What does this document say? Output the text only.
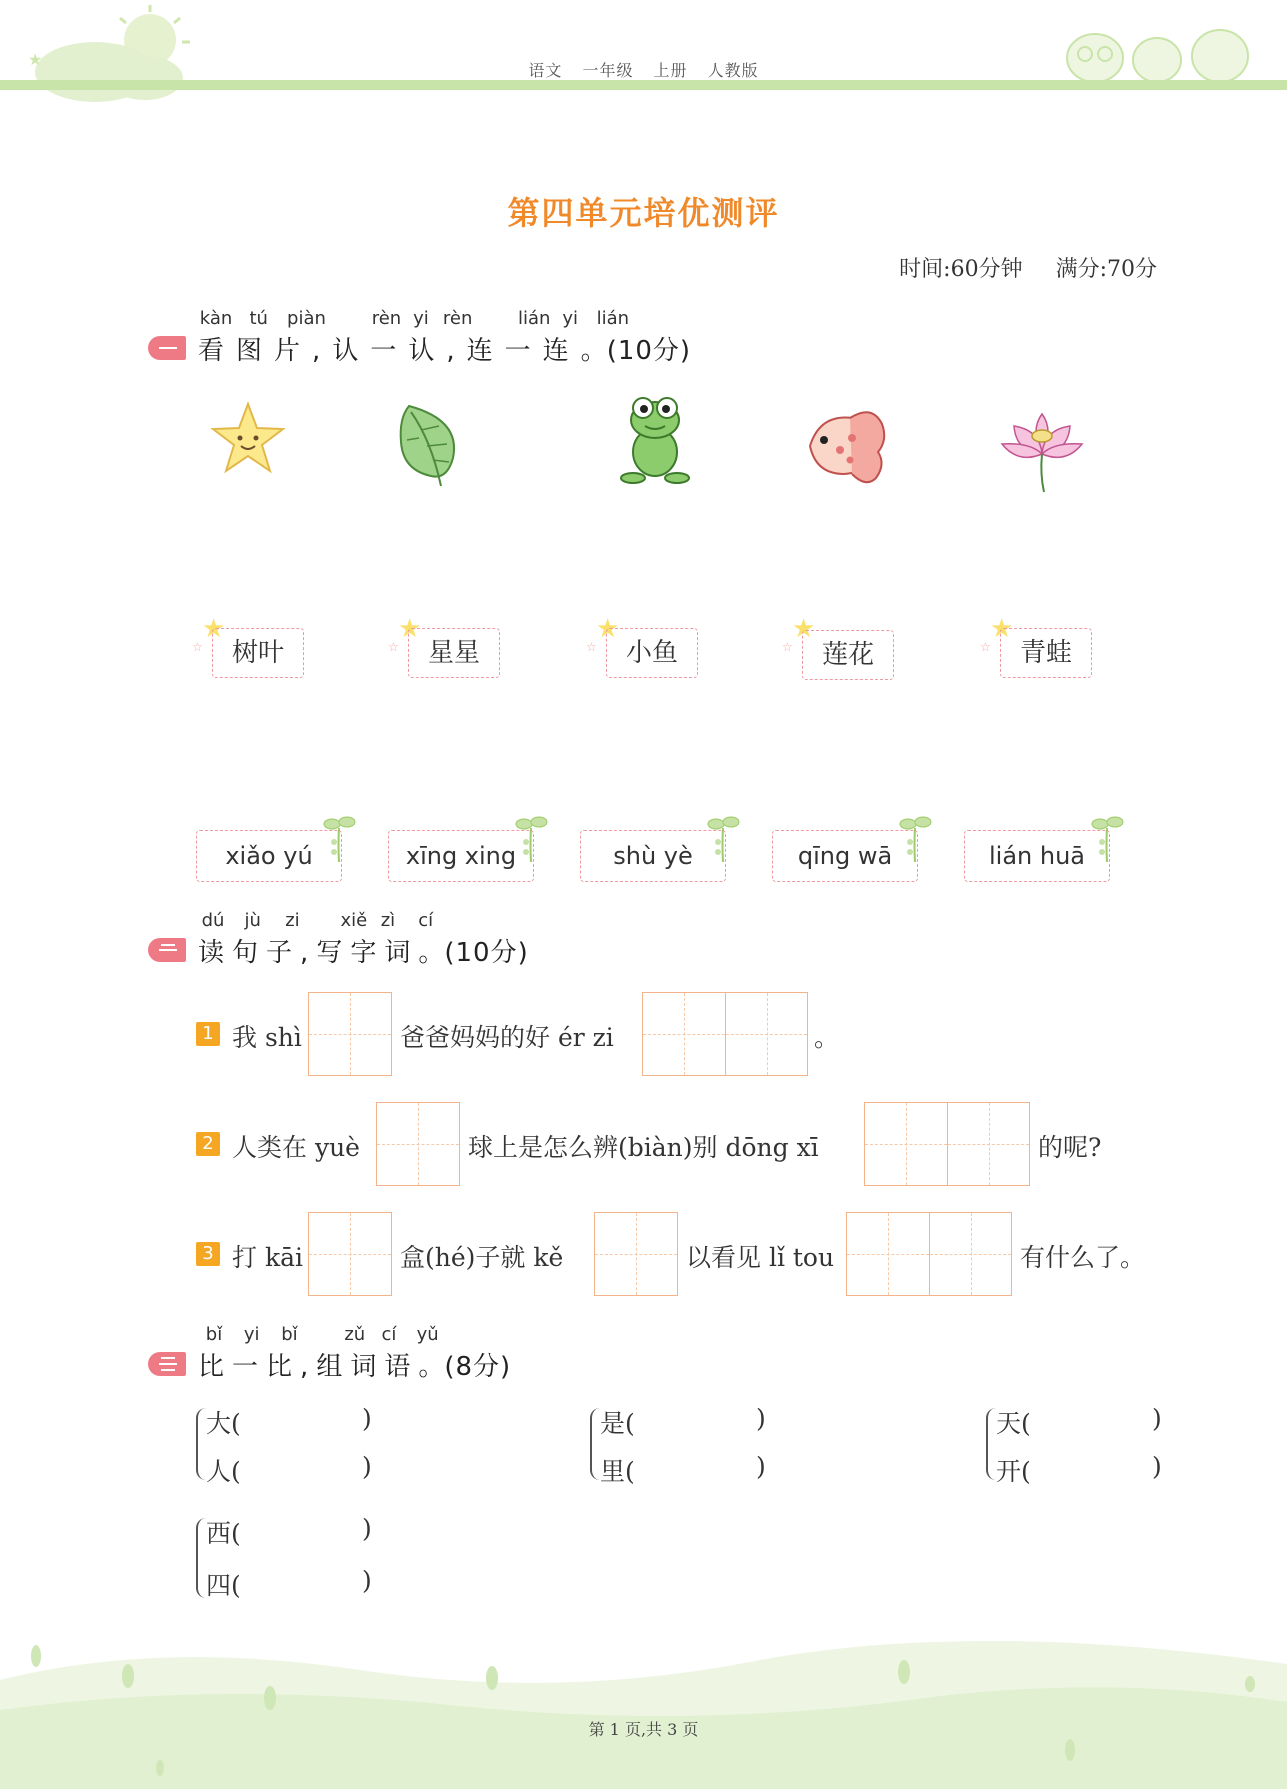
★
语文 一年级 上册 人教版
第四单元培优测评
时间:60分钟 满分:70分
kàn tú piàn	rèn yi rèn	lián yi lián
看图片,认一认,连一连。(10分)
★
☆	树叶
★
☆	星星
★
☆	小鱼
★
☆	莲花
★
☆	青蛙
xiǎo yú	xīng xing	shù yè	qīng wā	lián huā
dú jù zi xiě zì cí
读句子,写字词。(10分)
1 我 shì	爸爸妈妈的好 ér zi	。
2 人类在 yuè	球上是怎么辨(biàn)别 dōng xī	的呢?
3 打 kāi	盒(hé)子就 kě	以看见 lǐ tou	有什么了。
bǐ yi bǐ	zǔ cí yǔ
比一比,组词语。(8分)
大(	)
人(	)
是(	)
里(	)
天(	)
开(	)
西(	)
四(	)
第 1 页,共 3 页
